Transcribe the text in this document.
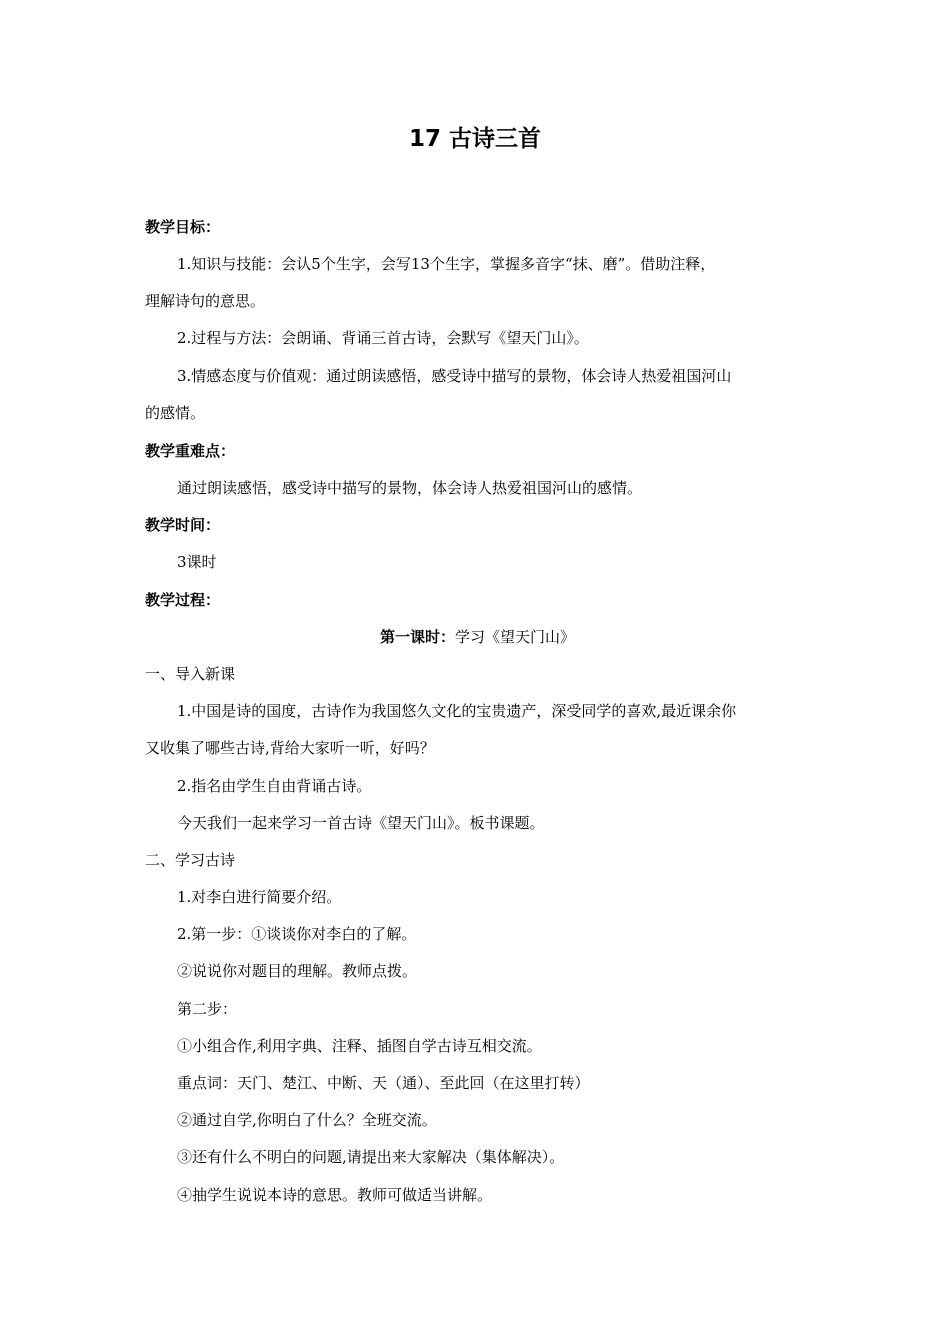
17 古诗三首
教学目标：
1.知识与技能：会认5个生字，会写13个生字，掌握多音字“抹、磨”。借助注释，
理解诗句的意思。
2.过程与方法：会朗诵、背诵三首古诗，会默写《望天门山》。
3.情感态度与价值观：通过朗读感悟，感受诗中描写的景物，体会诗人热爱祖国河山
的感情。
教学重难点：
通过朗读感悟，感受诗中描写的景物，体会诗人热爱祖国河山的感情。
教学时间：
3课时
教学过程：
第一课时：学习《望天门山》
一、导入新课
1.中国是诗的国度，古诗作为我国悠久文化的宝贵遗产，深受同学的喜欢,最近课余你
又收集了哪些古诗,背给大家听一听，好吗？
2.指名由学生自由背诵古诗。
今天我们一起来学习一首古诗《望天门山》。板书课题。
二、学习古诗
1.对李白进行简要介绍。
2.第一步：①谈谈你对李白的了解。
②说说你对题目的理解。教师点拨。
第二步：
①小组合作,利用字典、注释、插图自学古诗互相交流。
重点词：天门、楚江、中断、天（通）、至此回（在这里打转）
②通过自学,你明白了什么？全班交流。
③还有什么不明白的问题,请提出来大家解决（集体解决）。
④抽学生说说本诗的意思。教师可做适当讲解。
